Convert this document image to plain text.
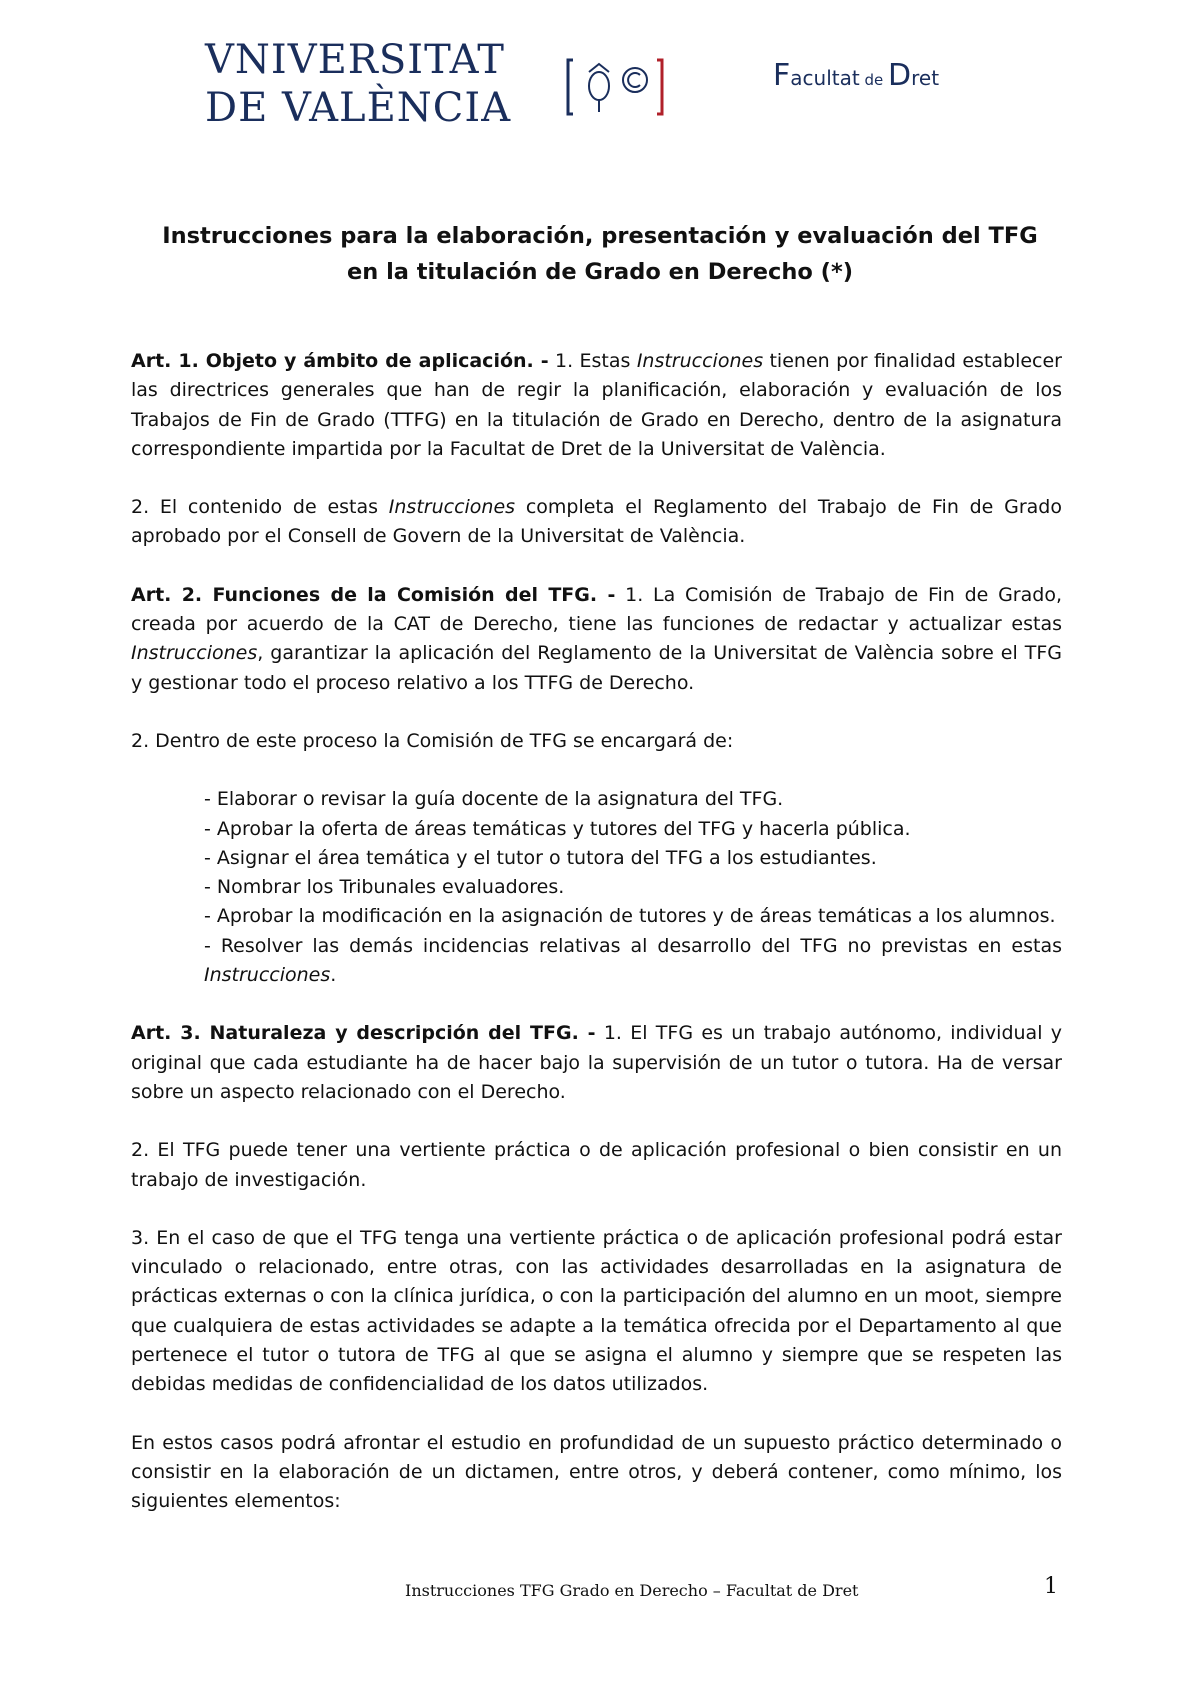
VNIVERSITAT
DE VALÈNCIA
Facultat de Dret
Instrucciones para la elaboración, presentación y evaluación del TFG
en la titulación de Grado en Derecho (*)

Art. 1. Objeto y ámbito de aplicación. - 1. Estas Instrucciones tienen por finalidad establecer las directrices generales que han de regir la planificación, elaboración y evaluación de los Trabajos de Fin de Grado (TTFG) en la titulación de Grado en Derecho, dentro de la asignatura correspondiente impartida por la Facultat de Dret de la Universitat de València.

2. El contenido de estas Instrucciones completa el Reglamento del Trabajo de Fin de Grado aprobado por el Consell de Govern de la Universitat de València.

Art. 2. Funciones de la Comisión del TFG. - 1. La Comisión de Trabajo de Fin de Grado, creada por acuerdo de la CAT de Derecho, tiene las funciones de redactar y actualizar estas Instrucciones, garantizar la aplicación del Reglamento de la Universitat de València sobre el TFG y gestionar todo el proceso relativo a los TTFG de Derecho.

2. Dentro de este proceso la Comisión de TFG se encargará de:

- Elaborar o revisar la guía docente de la asignatura del TFG.
- Aprobar la oferta de áreas temáticas y tutores del TFG y hacerla pública.
- Asignar el área temática y el tutor o tutora del TFG a los estudiantes.
- Nombrar los Tribunales evaluadores.
- Aprobar la modificación en la asignación de tutores y de áreas temáticas a los alumnos.
- Resolver las demás incidencias relativas al desarrollo del TFG no previstas en estas Instrucciones.

Art. 3. Naturaleza y descripción del TFG. - 1. El TFG es un trabajo autónomo, individual y original que cada estudiante ha de hacer bajo la supervisión de un tutor o tutora. Ha de versar sobre un aspecto relacionado con el Derecho.

2. El TFG puede tener una vertiente práctica o de aplicación profesional o bien consistir en un trabajo de investigación.

3. En el caso de que el TFG tenga una vertiente práctica o de aplicación profesional podrá estar vinculado o relacionado, entre otras, con las actividades desarrolladas en la asignatura de prácticas externas o con la clínica jurídica, o con la participación del alumno en un moot, siempre que cualquiera de estas actividades se adapte a la temática ofrecida por el Departamento al que pertenece el tutor o tutora de TFG al que se asigna el alumno y siempre que se respeten las debidas medidas de confidencialidad de los datos utilizados.

En estos casos podrá afrontar el estudio en profundidad de un supuesto práctico determinado o consistir en la elaboración de un dictamen, entre otros, y deberá contener, como mínimo, los siguientes elementos:

Instrucciones TFG Grado en Derecho – Facultat de Dret	1
